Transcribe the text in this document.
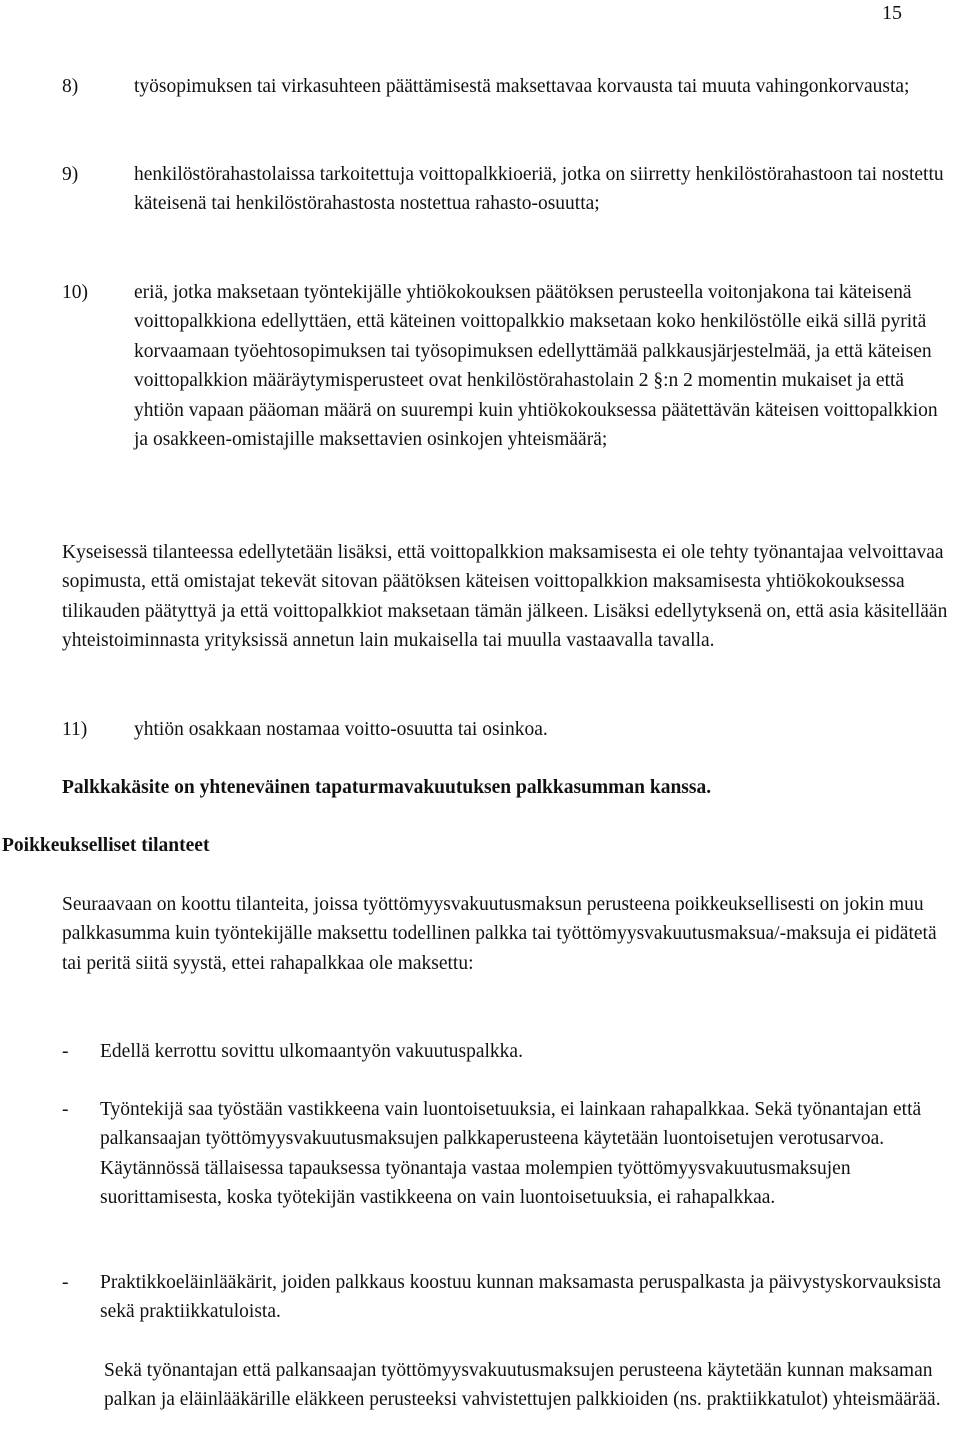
15
8)	työsopimuksen tai virkasuhteen päättämisestä maksettavaa korvausta tai muuta vahingonkorvausta;
9)	henkilöstörahastolaissa tarkoitettuja voittopalkkioeriä, jotka on siirretty henkilöstörahastoon tai nostettu käteisenä tai henkilöstörahastosta nostettua rahasto-osuutta;
10) eriä, jotka maksetaan työntekijälle yhtiökokouksen päätöksen perusteella voitonjakona tai käteisenä voittopalkkiona edellyttäen, että käteinen voittopalkkio maksetaan koko henkilöstölle eikä sillä pyritä korvaamaan työehtosopimuksen tai työsopimuksen edellyttämää palkkausjärjestelmää, ja että käteisen voittopalkkion määräytymisperusteet ovat henkilöstörahastolain 2 §:n 2 momentin mukaiset ja että yhtiön vapaan pääoman määrä on suurempi kuin yhtiökokouksessa päätettävän käteisen voittopalkkion ja osakkeen-omistajille maksettavien osinkojen yhteismäärä;
Kyseisessä tilanteessa edellytetään lisäksi, että voittopalkkion maksamisesta ei ole tehty työnantajaa velvoittavaa sopimusta, että omistajat tekevät sitovan päätöksen käteisen voittopalkkion maksamisesta yhtiökokouksessa tilikauden päätyttyä ja että voittopalkkiot maksetaan tämän jälkeen. Lisäksi edellytyksenä on, että asia käsitellään yhteistoiminnasta yrityksissä annetun lain mukaisella tai muulla vastaavalla tavalla.
11) yhtiön osakkaan nostamaa voitto-osuutta tai osinkoa.
Palkkakäsite on yhteneväinen tapaturmavakuutuksen palkkasumman kanssa.
Poikkeukselliset tilanteet
Seuraavaan on koottu tilanteita, joissa työttömyysvakuutusmaksun perusteena poikkeuksellisesti on jokin muu palkkasumma kuin työntekijälle maksettu todellinen palkka tai työttömyysvakuutusmaksua/-maksuja ei pidätetä tai peritä siitä syystä, ettei rahapalkkaa ole maksettu:
- Edellä kerrottu sovittu ulkomaantyön vakuutuspalkka.
- Työntekijä saa työstään vastikkeena vain luontoisetuuksia, ei lainkaan rahapalkkaa. Sekä työnantajan että palkansaajan työttömyysvakuutusmaksujen palkkaperusteena käytetään luontoisetujen verotusarvoa. Käytännössä tällaisessa tapauksessa työnantaja vastaa molempien työttömyysvakuutusmaksujen suorittamisesta, koska työtekijän vastikkeena on vain luontoisetuuksia, ei rahapalkkaa.
- Praktikkoeläinlääkärit, joiden palkkaus koostuu kunnan maksamasta peruspalkasta ja päivystyskorvauksista sekä praktiikkatuloista.
Sekä työnantajan että palkansaajan työttömyysvakuutusmaksujen perusteena käytetään kunnan maksaman palkan ja eläinlääkärille eläkkeen perusteeksi vahvistettujen palkkioiden (ns. praktiikkatulot) yhteismäärää.
